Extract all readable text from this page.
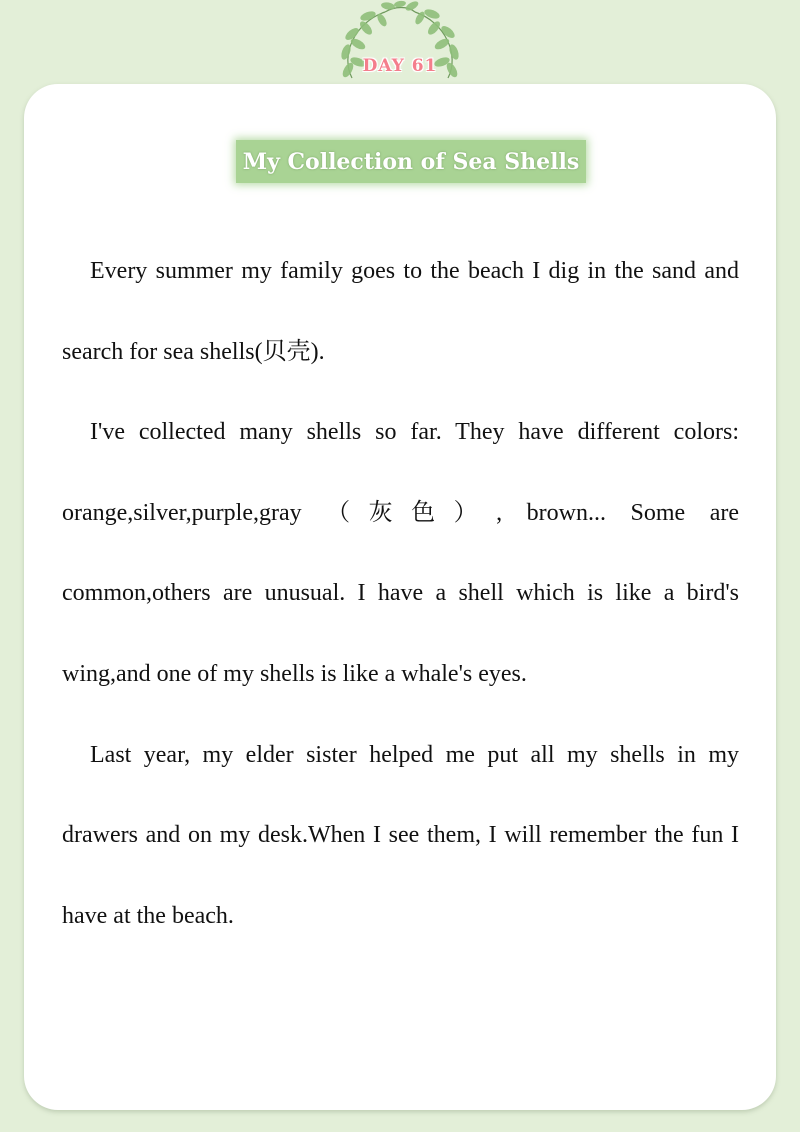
DAY 61
My Collection of Sea Shells

Every summer my family goes to the beach I dig in the sand and search for sea shells(贝壳).

I've collected many shells so far. They have different colors: orange,silver,purple,gray （灰色）, brown... Some are common,others are unusual. I have a shell which is like a bird's wing,and one of my shells is like a whale's eyes.

Last year, my elder sister helped me put all my shells in my drawers and on my desk.When I see them, I will remember the fun I have at the beach.
